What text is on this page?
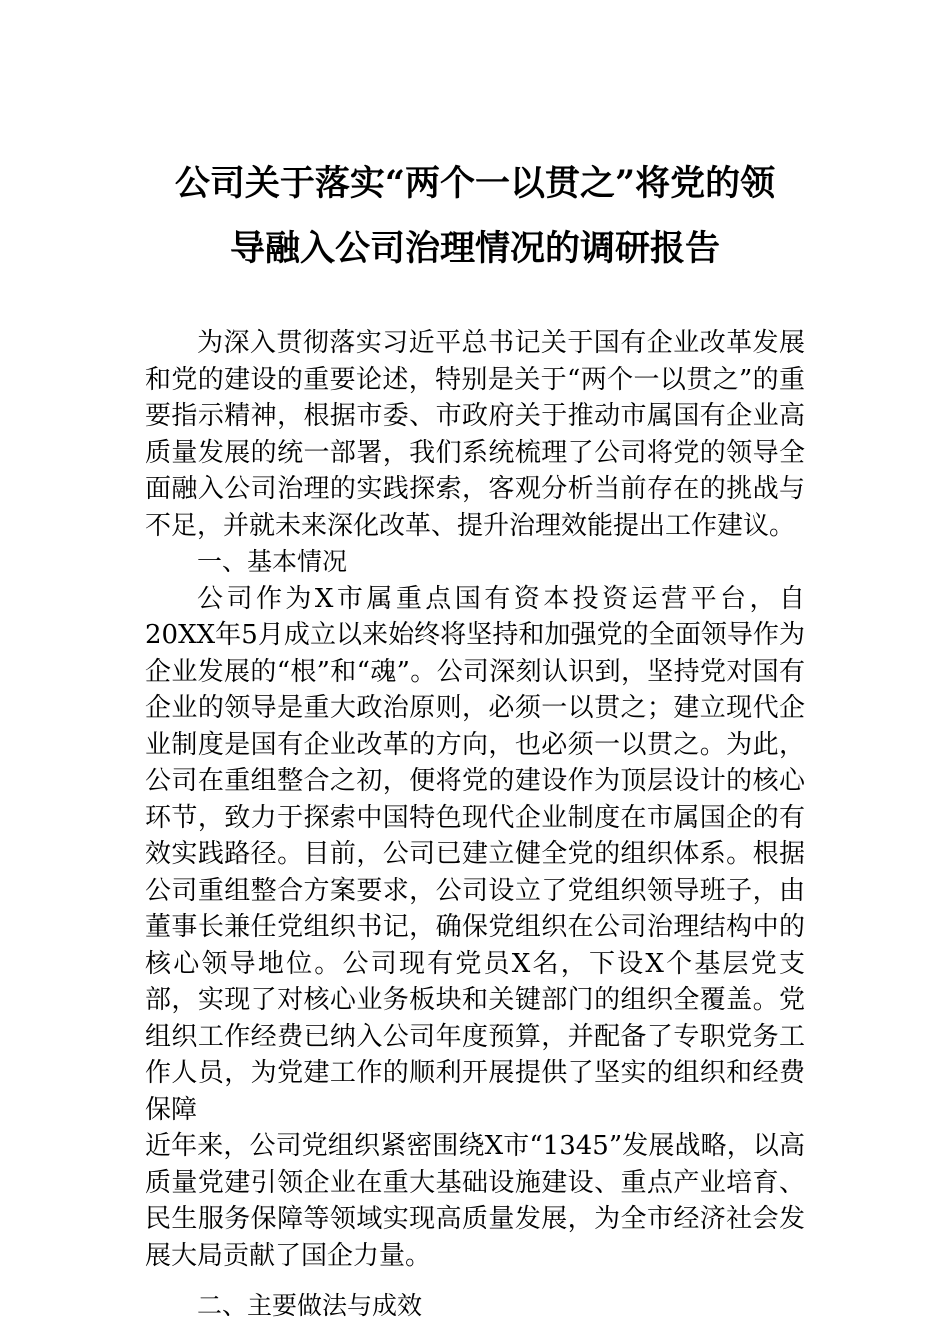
公司关于落实“两个一以贯之”将党的领
导融入公司治理情况的调研报告

为深入贯彻落实习近平总书记关于国有企业改革发展和党的建设的重要论述，特别是关于“两个一以贯之”的重要指示精神，根据市委、市政府关于推动市属国有企业高质量发展的统一部署，我们系统梳理了公司将党的领导全面融入公司治理的实践探索，客观分析当前存在的挑战与不足，并就未来深化改革、提升治理效能提出工作建议。

一、基本情况

公司作为X市属重点国有资本投资运营平台，自20XX年5月成立以来始终将坚持和加强党的全面领导作为企业发展的“根”和“魂”。公司深刻认识到，坚持党对国有企业的领导是重大政治原则，必须一以贯之；建立现代企业制度是国有企业改革的方向，也必须一以贯之。为此，公司在重组整合之初，便将党的建设作为顶层设计的核心环节，致力于探索中国特色现代企业制度在市属国企的有效实践路径。目前，公司已建立健全党的组织体系。根据公司重组整合方案要求，公司设立了党组织领导班子，由董事长兼任党组织书记，确保党组织在公司治理结构中的核心领导地位。公司现有党员X名，下设X个基层党支部，实现了对核心业务板块和关键部门的组织全覆盖。党组织工作经费已纳入公司年度预算，并配备了专职党务工作人员，为党建工作的顺利开展提供了坚实的组织和经费保障

近年来，公司党组织紧密围绕X市“1345”发展战略，以高质量党建引领企业在重大基础设施建设、重点产业培育、民生服务保障等领域实现高质量发展，为全市经济社会发展大局贡献了国企力量。

二、主要做法与成效
